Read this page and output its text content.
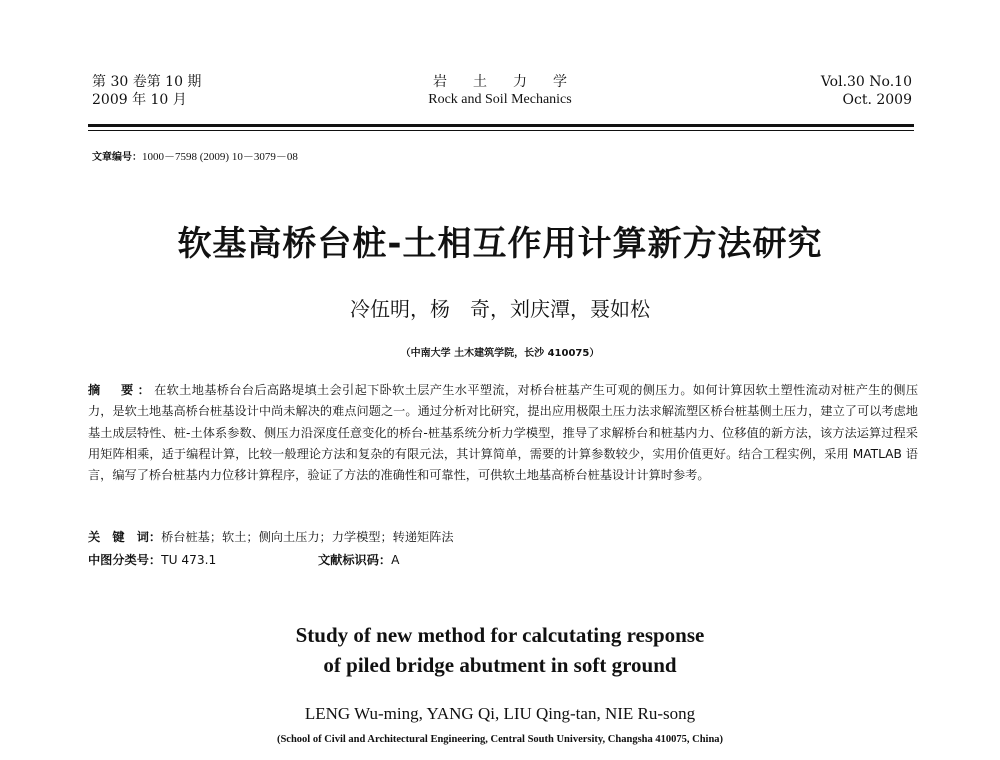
第 30 卷第 10 期
2009 年 10 月
岩土力学
Rock and Soil Mechanics
Vol.30 No.10
Oct. 2009
文章编号：1000－7598 (2009) 10－3079－08
软基高桥台桩-土相互作用计算新方法研究
冷伍明，杨　奇，刘庆潭，聂如松
（中南大学 土木建筑学院，长沙 410075）
摘　要：在软土地基桥台台后高路堤填土会引起下卧软土层产生水平塑流，对桥台桩基产生可观的侧压力。如何计算因软土塑性流动对桩产生的侧压力，是软土地基高桥台桩基设计中尚未解决的难点问题之一。通过分析对比研究，提出应用极限土压力法求解流塑区桥台桩基侧土压力，建立了可以考虑地基土成层特性、桩-土体系参数、侧压力沿深度任意变化的桥台-桩基系统分析力学模型，推导了求解桥台和桩基内力、位移值的新方法，该方法运算过程采用矩阵相乘，适于编程计算，比较一般理论方法和复杂的有限元法，其计算简单，需要的计算参数较少，实用价值更好。结合工程实例，采用 MATLAB 语言，编写了桥台桩基内力位移计算程序，验证了方法的准确性和可靠性，可供软土地基高桥台桩基设计计算时参考。
关　键　词：桥台桩基；软土；侧向土压力；力学模型；转递矩阵法
中图分类号：TU 473.1	文献标识码：A
Study of new method for calcutating response
of piled bridge abutment in soft ground
LENG Wu-ming, YANG Qi, LIU Qing-tan, NIE Ru-song
(School of Civil and Architectural Engineering, Central South University, Changsha 410075, China)
